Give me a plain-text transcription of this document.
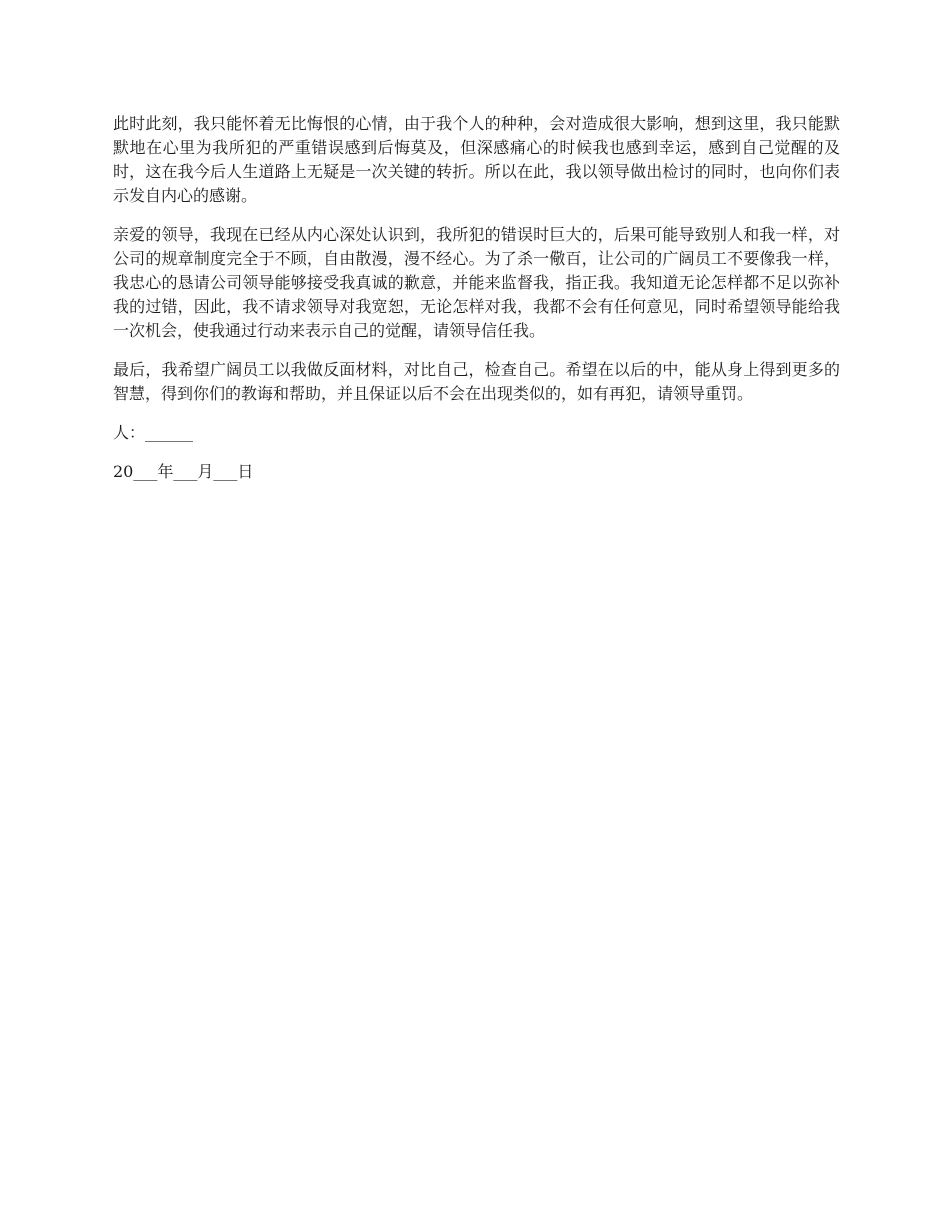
此时此刻，我只能怀着无比悔恨的心情，由于我个人的种种，会对造成很大影响，想到这里，我只能默默地在心里为我所犯的严重错误感到后悔莫及，但深感痛心的时候我也感到幸运，感到自己觉醒的及时，这在我今后人生道路上无疑是一次关键的转折。所以在此，我以领导做出检讨的同时，也向你们表示发自内心的感谢。

亲爱的领导，我现在已经从内心深处认识到，我所犯的错误时巨大的，后果可能导致别人和我一样，对公司的规章制度完全于不顾，自由散漫，漫不经心。为了杀一儆百，让公司的广阔员工不要像我一样，我忠心的恳请公司领导能够接受我真诚的歉意，并能来监督我，指正我。我知道无论怎样都不足以弥补我的过错，因此，我不请求领导对我宽恕，无论怎样对我，我都不会有任何意见，同时希望领导能给我一次机会，使我通过行动来表示自己的觉醒，请领导信任我。

最后，我希望广阔员工以我做反面材料，对比自己，检查自己。希望在以后的中，能从身上得到更多的智慧，得到你们的教诲和帮助，并且保证以后不会在出现类似的，如有再犯，请领导重罚。

人：______

20___年___月___日
